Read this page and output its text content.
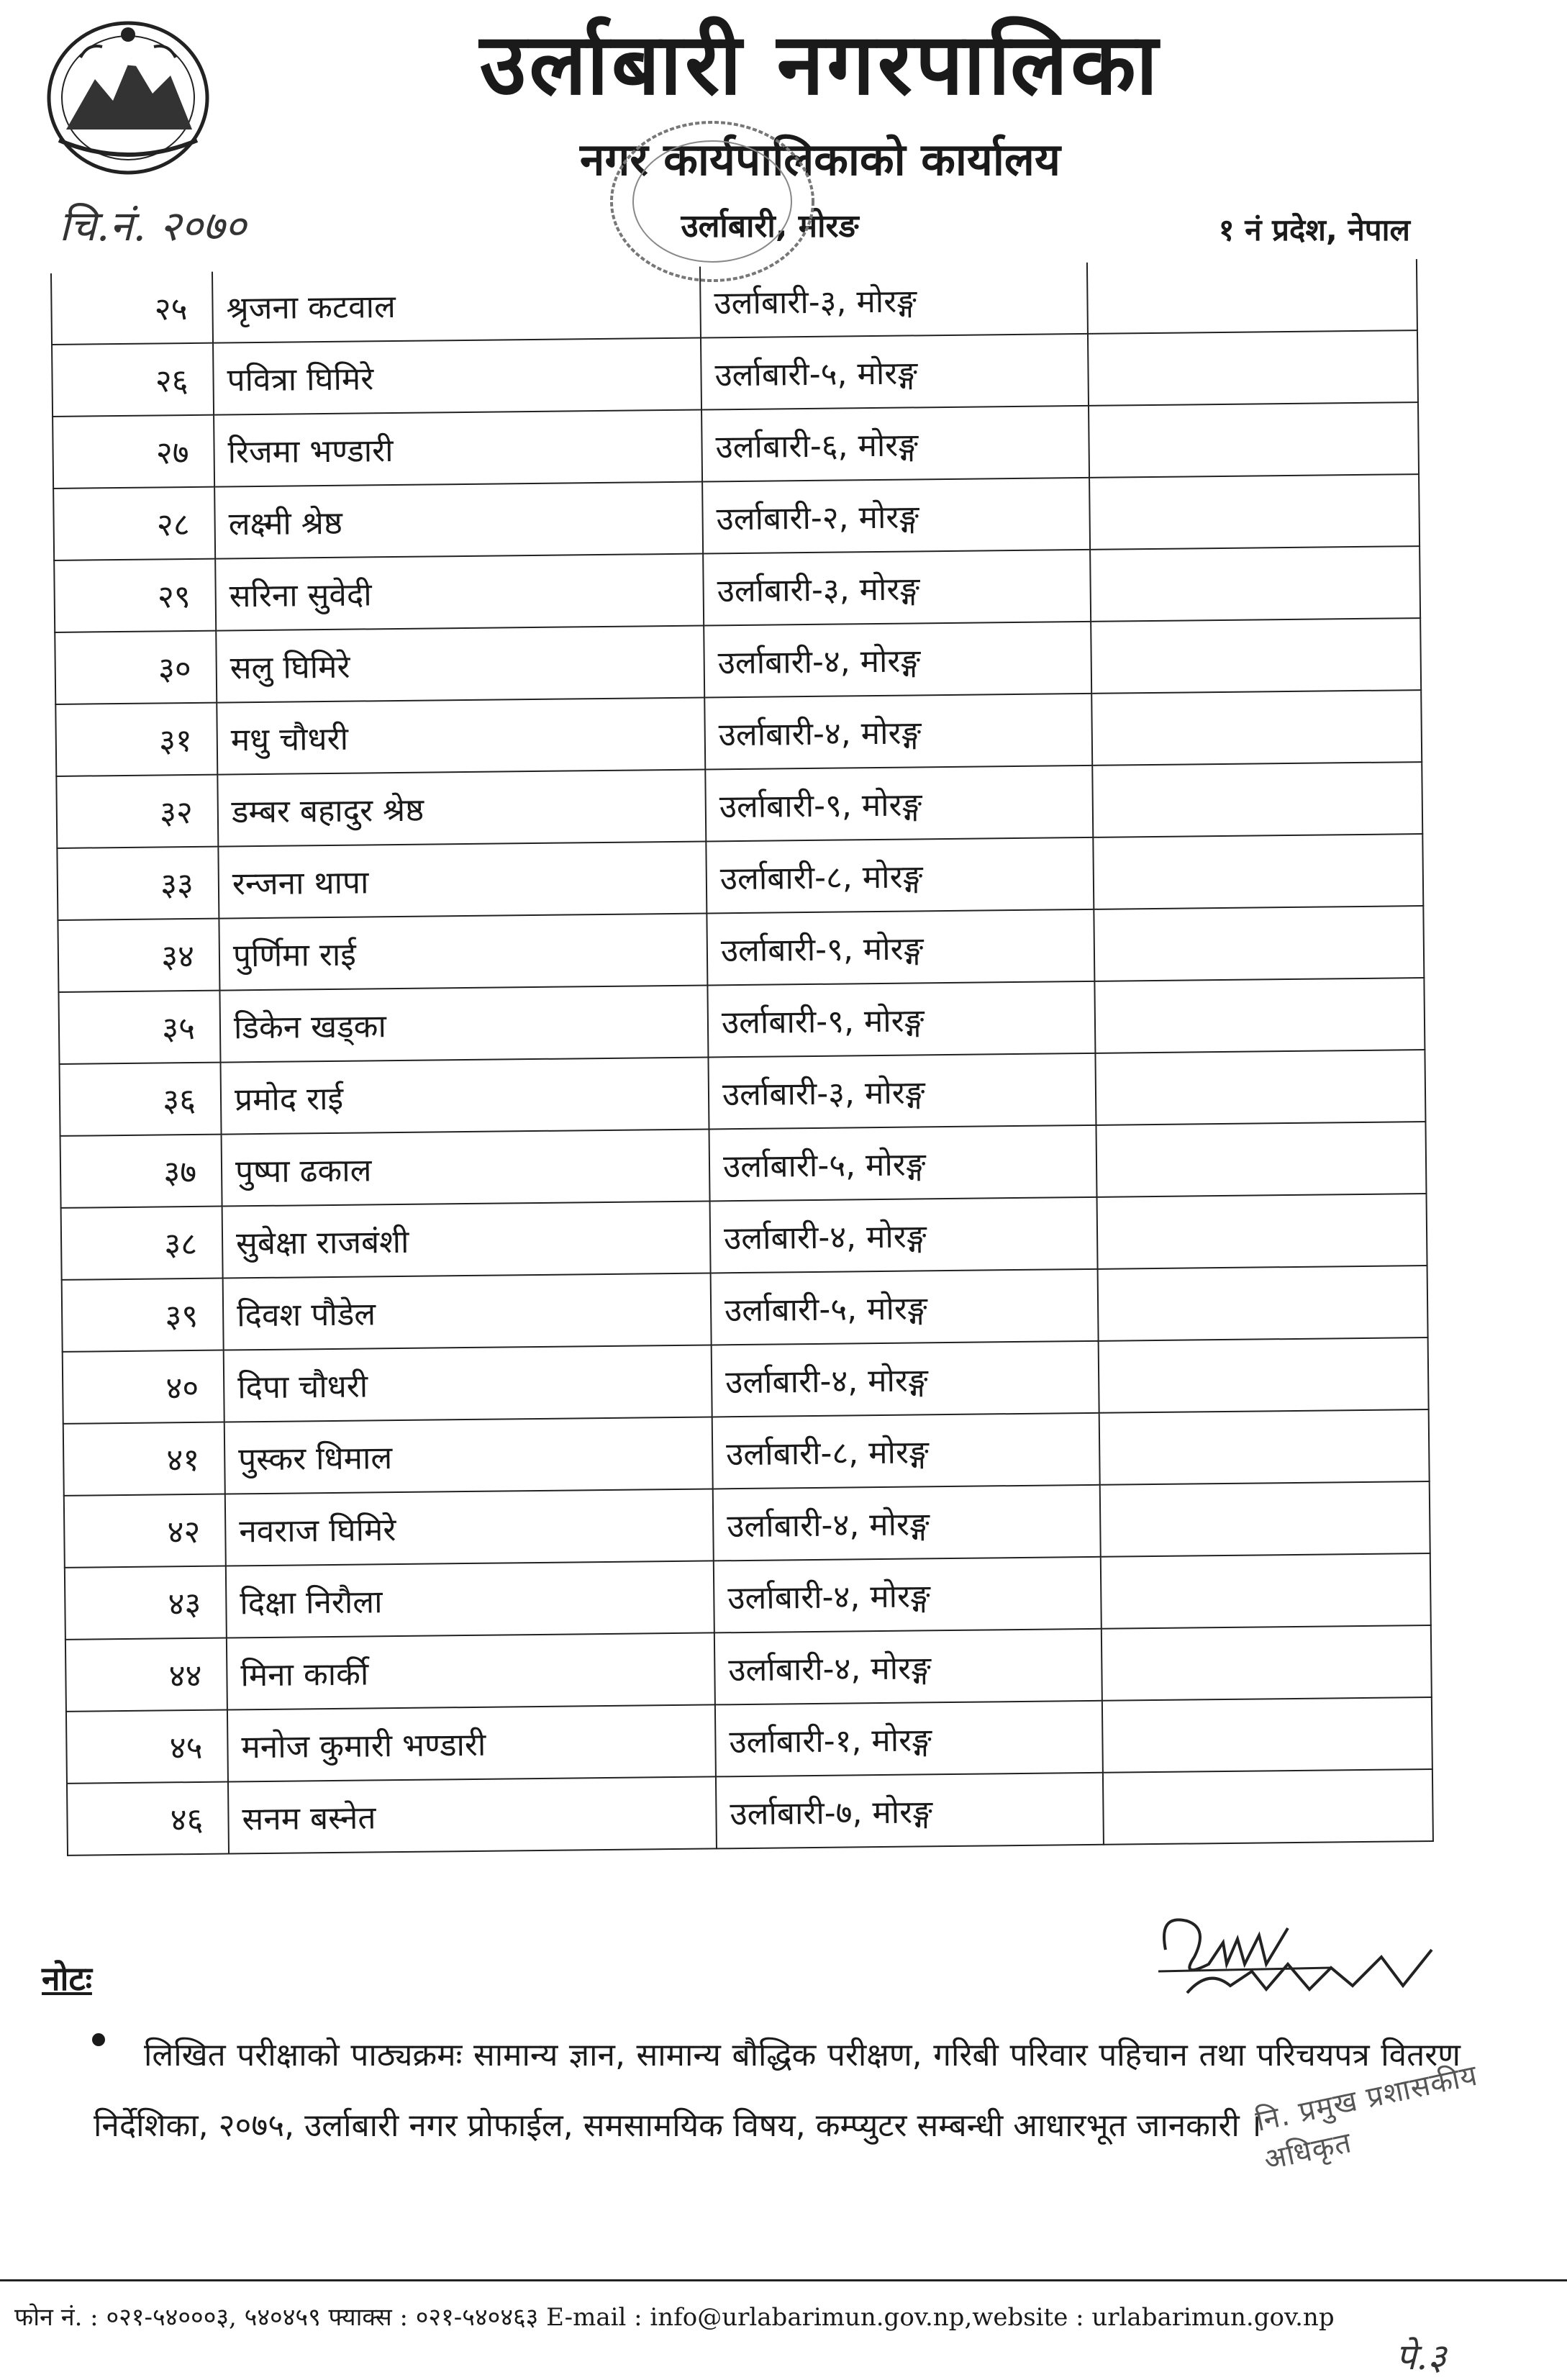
उर्लाबारी नगरपालिका
नगर कार्यपालिकाको कार्यालय
उर्लाबारी, मोरङ	१ नं प्रदेश, नेपाल
चि.नं. २०७०
२५	श्रृजना कटवाल	उर्लाबारी-३, मोरङ्ग	
२६	पवित्रा घिमिरे	उर्लाबारी-५, मोरङ्ग	
२७	रिजमा भण्डारी	उर्लाबारी-६, मोरङ्ग	
२८	लक्ष्मी श्रेष्ठ	उर्लाबारी-२, मोरङ्ग	
२९	सरिना सुवेदी	उर्लाबारी-३, मोरङ्ग	
३०	सलु घिमिरे	उर्लाबारी-४, मोरङ्ग	
३१	मधु चौधरी	उर्लाबारी-४, मोरङ्ग	
३२	डम्बर बहादुर श्रेष्ठ	उर्लाबारी-९, मोरङ्ग	
३३	रन्जना थापा	उर्लाबारी-८, मोरङ्ग	
३४	पुर्णिमा राई	उर्लाबारी-९, मोरङ्ग	
३५	डिकेन खड्का	उर्लाबारी-९, मोरङ्ग	
३६	प्रमोद राई	उर्लाबारी-३, मोरङ्ग	
३७	पुष्पा ढकाल	उर्लाबारी-५, मोरङ्ग	
३८	सुबेक्षा राजबंशी	उर्लाबारी-४, मोरङ्ग	
३९	दिवश पौडेल	उर्लाबारी-५, मोरङ्ग	
४०	दिपा चौधरी	उर्लाबारी-४, मोरङ्ग	
४१	पुस्कर धिमाल	उर्लाबारी-८, मोरङ्ग	
४२	नवराज घिमिरे	उर्लाबारी-४, मोरङ्ग	
४३	दिक्षा निरौला	उर्लाबारी-४, मोरङ्ग	
४४	मिना कार्की	उर्लाबारी-४, मोरङ्ग	
४५	मनोज कुमारी भण्डारी	उर्लाबारी-१, मोरङ्ग	
४६	सनम बस्नेत	उर्लाबारी-७, मोरङ्ग	
नोटः
लिखित परीक्षाको पाठ्यक्रमः सामान्य ज्ञान, सामान्य बौद्धिक परीक्षण, गरिबी परिवार पहिचान तथा परिचयपत्र वितरण निर्देशिका, २०७५, उर्लाबारी नगर प्रोफाईल, समसामयिक विषय, कम्प्युटर सम्बन्धी आधारभूत जानकारी ।
नि. प्रमुख प्रशासकीय अधिकृत
फोन नं. : ०२१-५४०००३, ५४०४५९ फ्याक्स : ०२१-५४०४६३ E-mail : info@urlabarimun.gov.np,website : urlabarimun.gov.np
पे.३
